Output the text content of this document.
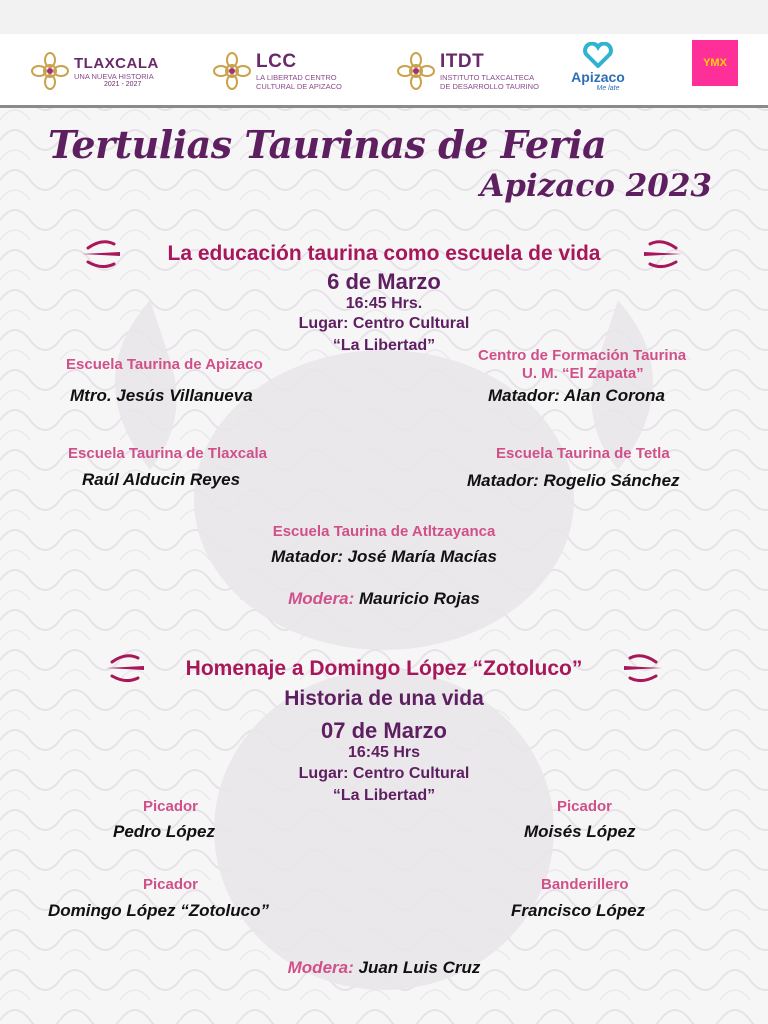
TLAXCALA
UNA NUEVA HISTORIA
2021 - 2027
LCC
LA LIBERTAD CENTRO
CULTURAL DE APIZACO
ITDT
INSTITUTO TLAXCALTECA
DE DESARROLLO TAURINO
Apizaco
Me late
YMX
Tertulias Taurinas de Feria
Apizaco 2023
La educación taurina como escuela de vida
6 de Marzo
16:45 Hrs.
Lugar: Centro Cultural
“La Libertad”
Escuela Taurina de Apizaco
Mtro. Jesús Villanueva
Centro de Formación Taurina
U. M. “El Zapata”
Matador: Alan Corona
Escuela Taurina de Tlaxcala
Raúl Alducin Reyes
Escuela Taurina de Tetla
Matador: Rogelio Sánchez
Escuela Taurina de Atltzayanca
Matador: José María Macías
Modera: Mauricio Rojas
Homenaje a Domingo López “Zotoluco”
Historia de una vida
07 de Marzo
16:45 Hrs
Lugar: Centro Cultural
“La Libertad”
Picador
Pedro López
Picador
Moisés López
Picador
Domingo López “Zotoluco”
Banderillero
Francisco López
Modera: Juan Luis Cruz
